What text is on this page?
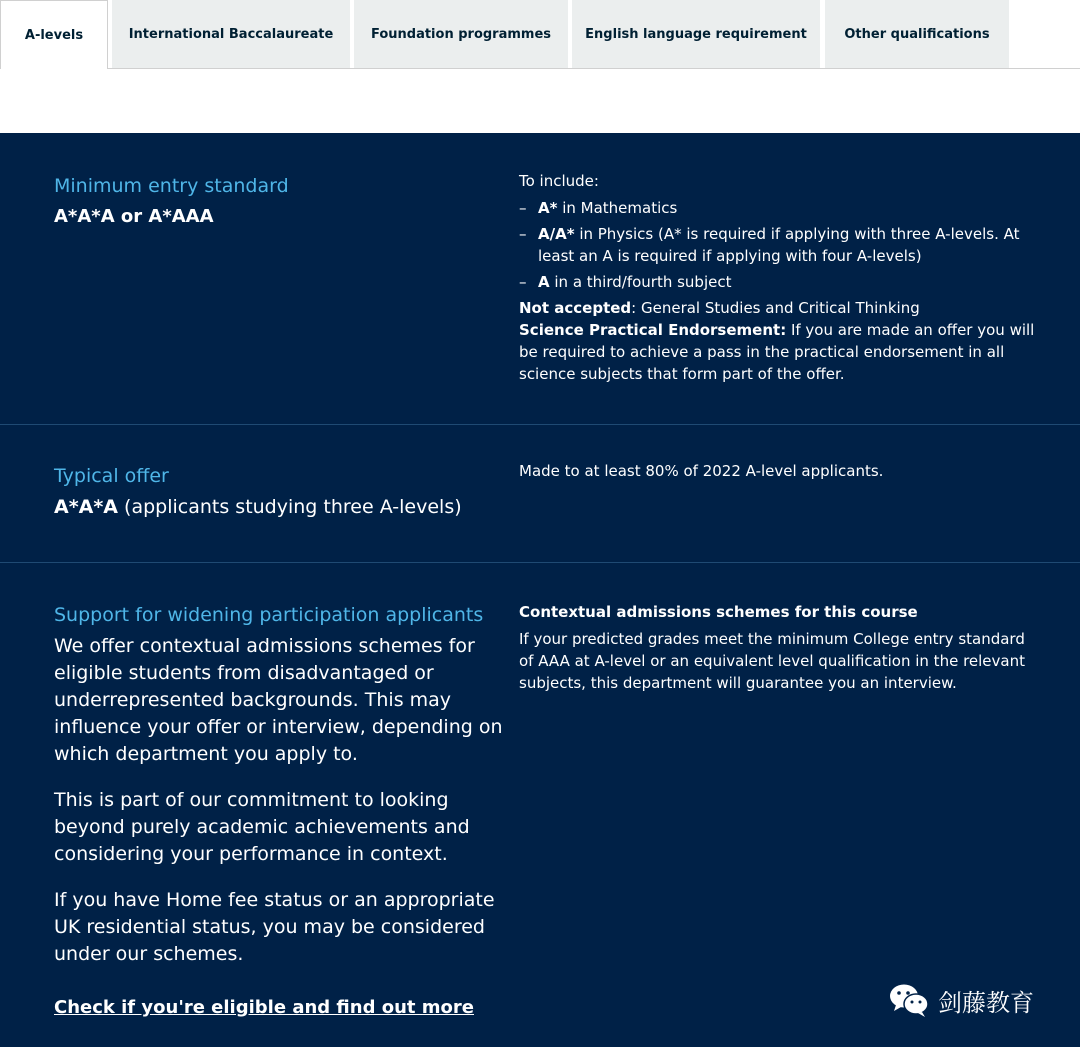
A-levels	International Baccalaureate	Foundation programmes	English language requirement	Other qualifications
Minimum entry standard
A*A*A or A*AAA

To include:

– A* in Mathematics
– A/A* in Physics (A* is required if applying with three A-levels. At least an A is required if applying with four A-levels)
– A in a third/fourth subject

Not accepted: General Studies and Critical Thinking

Science Practical Endorsement: If you are made an offer you will be required to achieve a pass in the practical endorsement in all science subjects that form part of the offer.

Typical offer
A*A*A (applicants studying three A-levels)
Made to at least 80% of 2022 A-level applicants.
Support for widening participation applicants

We offer contextual admissions schemes for eligible students from disadvantaged or underrepresented backgrounds. This may influence your offer or interview, depending on which department you apply to.

This is part of our commitment to looking beyond purely academic achievements and considering your performance in context.

If you have Home fee status or an appropriate UK residential status, you may be considered under our schemes.

Check if you're eligible and find out more

Contextual admissions schemes for this course

If your predicted grades meet the minimum College entry standard of AAA at A-level or an equivalent level qualification in the relevant subjects, this department will guarantee you an interview.

剑藤教育
